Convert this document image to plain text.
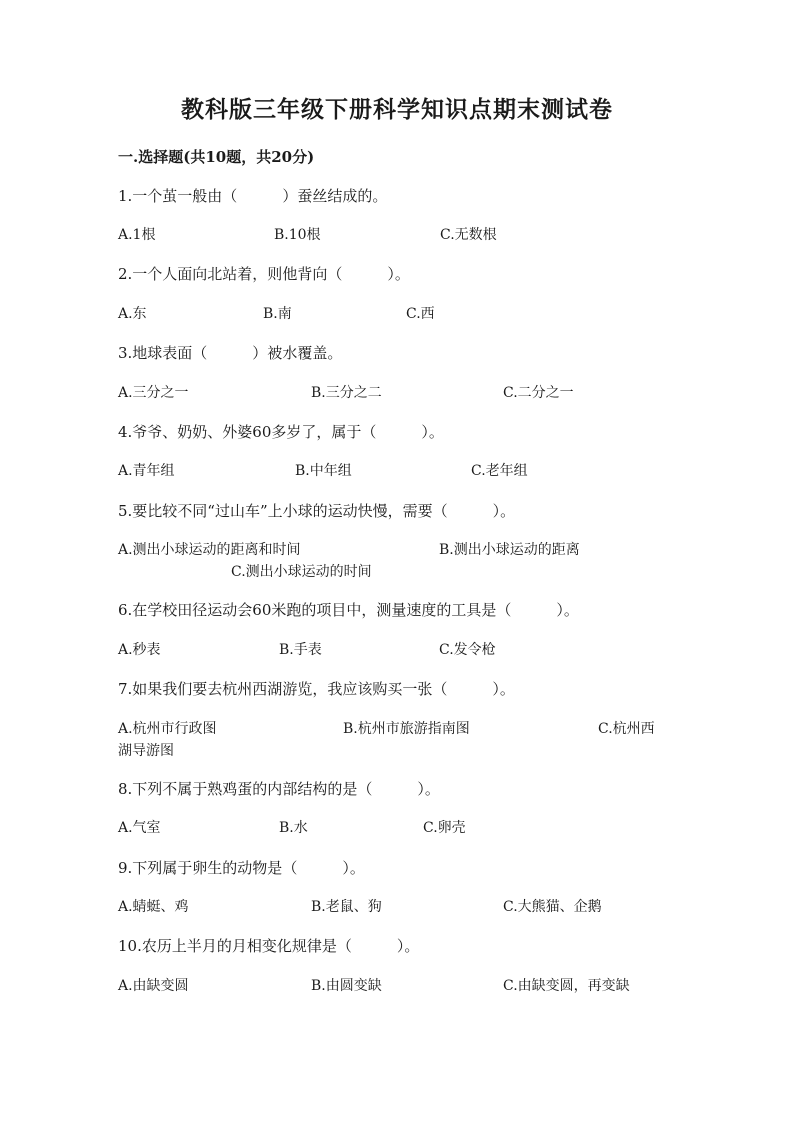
教科版三年级下册科学知识点期末测试卷
一.选择题(共10题，共20分)
1.一个茧一般由（　　　）蚕丝结成的。
A.1根	B.10根	C.无数根
2.一个人面向北站着，则他背向（　　　）。
A.东	B.南	C.西
3.地球表面（　　　）被水覆盖。
A.三分之一	B.三分之二	C.二分之一
4.爷爷、奶奶、外婆60多岁了，属于（　　　）。
A.青年组	B.中年组	C.老年组
5.要比较不同“过山车”上小球的运动快慢，需要（　　　）。
A.测出小球运动的距离和时间	B.测出小球运动的距离
C.测出小球运动的时间
6.在学校田径运动会60米跑的项目中，测量速度的工具是（　　　）。
A.秒表	B.手表	C.发令枪
7.如果我们要去杭州西湖游览，我应该购买一张（　　　）。
A.杭州市行政图	B.杭州市旅游指南图	C.杭州西湖导游图
8.下列不属于熟鸡蛋的内部结构的是（　　　）。
A.气室	B.水	C.卵壳
9.下列属于卵生的动物是（　　　）。
A.蜻蜓、鸡	B.老鼠、狗	C.大熊猫、企鹅
10.农历上半月的月相变化规律是（　　　）。
A.由缺变圆	B.由圆变缺	C.由缺变圆，再变缺
